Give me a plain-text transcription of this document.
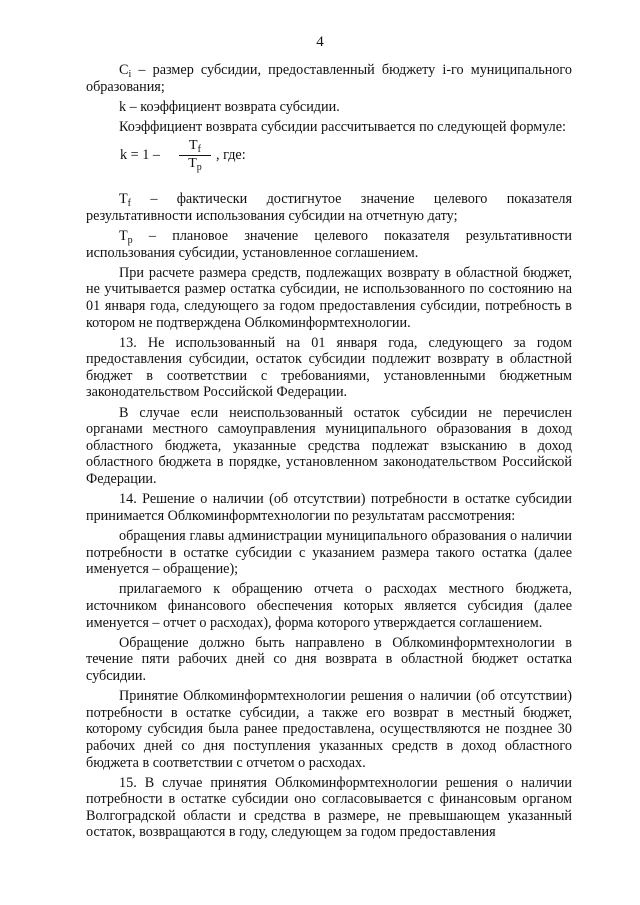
4

$C_i$ – размер субсидии, предоставленный бюджету i-го муниципального образования;

k – коэффициент возврата субсидии.

Коэффициент возврата субсидии рассчитывается по следующей формуле:

$k = 1 - \frac{T_f}{T_p}$ , где:

$T_f$ – фактически достигнутое значение целевого показателя результативности использования субсидии на отчетную дату;

$T_p$ – плановое значение целевого показателя результативности использования субсидии, установленное соглашением.

При расчете размера средств, подлежащих возврату в областной бюджет, не учитывается размер остатка субсидии, не использованного по состоянию на 01 января года, следующего за годом предоставления субсидии, потребность в котором не подтверждена Облкоминформтехнологии.

13. Не использованный на 01 января года, следующего за годом предоставления субсидии, остаток субсидии подлежит возврату в областной бюджет в соответствии с требованиями, установленными бюджетным законодательством Российской Федерации.

В случае если неиспользованный остаток субсидии не перечислен органами местного самоуправления муниципального образования в доход областного бюджета, указанные средства подлежат взысканию в доход областного бюджета в порядке, установленном законодательством Российской Федерации.

14. Решение о наличии (об отсутствии) потребности в остатке субсидии принимается Облкоминформтехнологии по результатам рассмотрения:

обращения главы администрации муниципального образования о наличии потребности в остатке субсидии с указанием размера такого остатка (далее именуется – обращение);

прилагаемого к обращению отчета о расходах местного бюджета, источником финансового обеспечения которых является субсидия (далее именуется – отчет о расходах), форма которого утверждается соглашением.

Обращение должно быть направлено в Облкоминформтехнологии в течение пяти рабочих дней со дня возврата в областной бюджет остатка субсидии.

Принятие Облкоминформтехнологии решения о наличии (об отсутствии) потребности в остатке субсидии, а также его возврат в местный бюджет, которому субсидия была ранее предоставлена, осуществляются не позднее 30 рабочих дней со дня поступления указанных средств в доход областного бюджета в соответствии с отчетом о расходах.

15. В случае принятия Облкоминформтехнологии решения о наличии потребности в остатке субсидии оно согласовывается с финансовым органом Волгоградской области и средства в размере, не превышающем указанный остаток, возвращаются в году, следующем за годом предоставления
